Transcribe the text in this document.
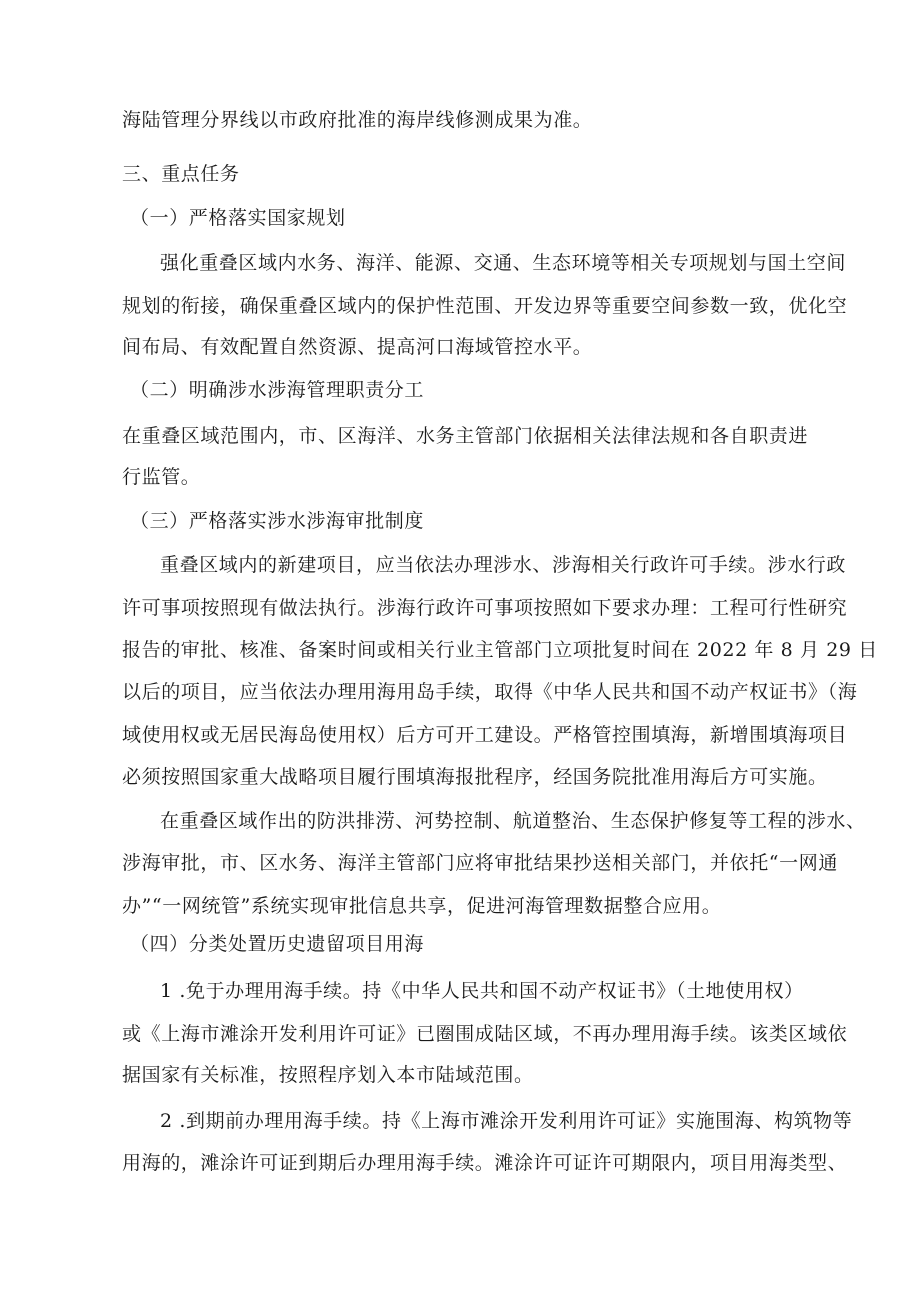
海陆管理分界线以市政府批准的海岸线修测成果为准。
三、重点任务
（一）严格落实国家规划
强化重叠区域内水务、海洋、能源、交通、生态环境等相关专项规划与国土空间
规划的衔接，确保重叠区域内的保护性范围、开发边界等重要空间参数一致，优化空
间布局、有效配置自然资源、提高河口海域管控水平。
（二）明确涉水涉海管理职责分工
在重叠区域范围内，市、区海洋、水务主管部门依据相关法律法规和各自职责进
行监管。
（三）严格落实涉水涉海审批制度
重叠区域内的新建项目，应当依法办理涉水、涉海相关行政许可手续。涉水行政
许可事项按照现有做法执行。涉海行政许可事项按照如下要求办理：工程可行性研究
报告的审批、核准、备案时间或相关行业主管部门立项批复时间在 2022 年 8 月 29 日
以后的项目，应当依法办理用海用岛手续，取得《中华人民共和国不动产权证书》（海
域使用权或无居民海岛使用权）后方可开工建设。严格管控围填海，新增围填海项目
必须按照国家重大战略项目履行围填海报批程序，经国务院批准用海后方可实施。
在重叠区域作出的防洪排涝、河势控制、航道整治、生态保护修复等工程的涉水、
涉海审批，市、区水务、海洋主管部门应将审批结果抄送相关部门，并依托“一网通
办”“一网统管”系统实现审批信息共享，促进河海管理数据整合应用。
（四）分类处置历史遗留项目用海
1 .免于办理用海手续。持《中华人民共和国不动产权证书》（土地使用权）
或《上海市滩涂开发利用许可证》已圈围成陆区域，不再办理用海手续。该类区域依
据国家有关标准，按照程序划入本市陆域范围。
2 .到期前办理用海手续。持《上海市滩涂开发利用许可证》实施围海、构筑物等
用海的，滩涂许可证到期后办理用海手续。滩涂许可证许可期限内，项目用海类型、
